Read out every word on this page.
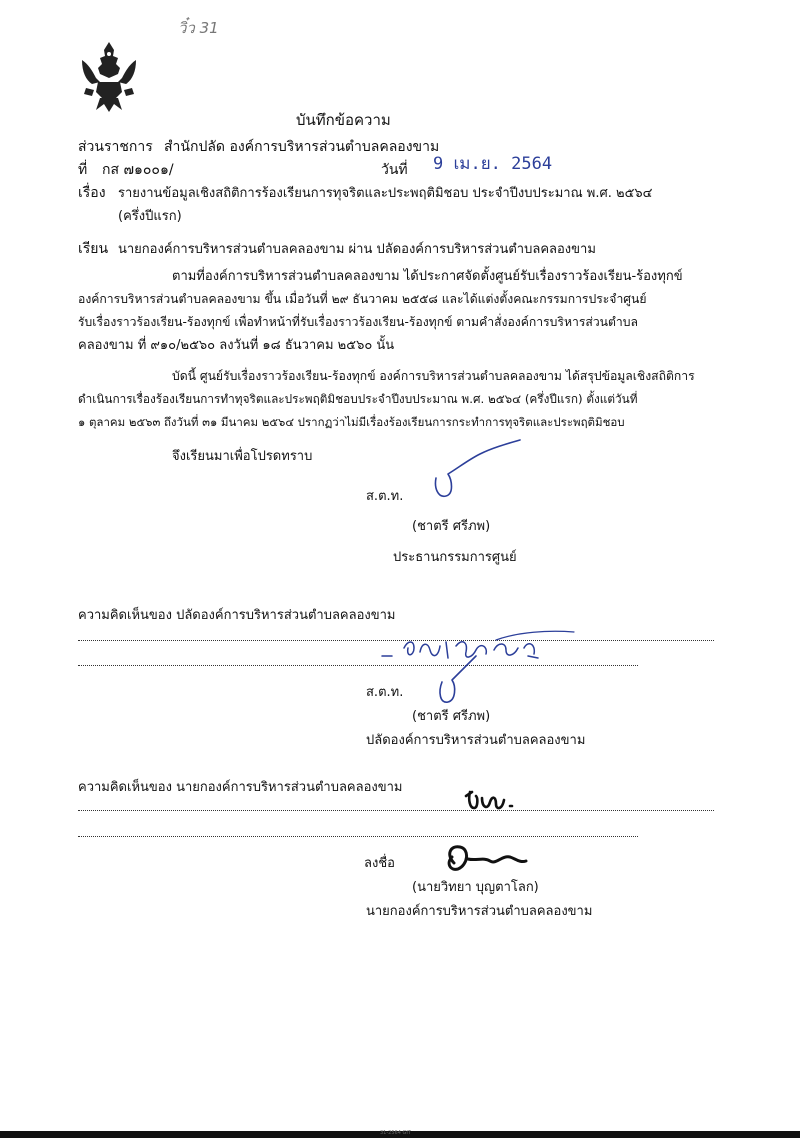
วิ๋ว 31
บันทึกข้อความ
ส่วนราชการ สำนักปลัด องค์การบริหารส่วนตำบลคลองขาม
ที่ กส ๗๑๐๐๑/	วันที่ 9 เม.ย. 2564
เรื่อง รายงานข้อมูลเชิงสถิติการร้องเรียนการทุจริตและประพฤติมิชอบ ประจำปีงบประมาณ พ.ศ. ๒๕๖๔
(ครึ่งปีแรก)
เรียน นายกองค์การบริหารส่วนตำบลคลองขาม ผ่าน ปลัดองค์การบริหารส่วนตำบลคลองขาม
ตามที่องค์การบริหารส่วนตำบลคลองขาม ได้ประกาศจัดตั้งศูนย์รับเรื่องราวร้องเรียน-ร้องทุกข์
องค์การบริหารส่วนตำบลคลองขาม ขึ้น เมื่อวันที่ ๒๙ ธันวาคม ๒๕๕๘ และได้แต่งตั้งคณะกรรมการประจำศูนย์
รับเรื่องราวร้องเรียน-ร้องทุกข์ เพื่อทำหน้าที่รับเรื่องราวร้องเรียน-ร้องทุกข์ ตามคำสั่งองค์การบริหารส่วนตำบล
คลองขาม ที่ ๙๑๐/๒๕๖๐ ลงวันที่ ๑๘ ธันวาคม ๒๕๖๐ นั้น
บัดนี้ ศูนย์รับเรื่องราวร้องเรียน-ร้องทุกข์ องค์การบริหารส่วนตำบลคลองขาม ได้สรุปข้อมูลเชิงสถิติการ
ดำเนินการเรื่องร้องเรียนการทำทุจริตและประพฤติมิชอบประจำปีงบประมาณ พ.ศ. ๒๕๖๔ (ครึ่งปีแรก) ตั้งแต่วันที่
๑ ตุลาคม ๒๕๖๓ ถึงวันที่ ๓๑ มีนาคม ๒๕๖๔ ปรากฏว่าไม่มีเรื่องร้องเรียนการกระทำการทุจริตและประพฤติมิชอบ
จึงเรียนมาเพื่อโปรดทราบ
ส.ต.ท.
(ชาตรี ศรีภพ)
ประธานกรรมการศูนย์
ความคิดเห็นของ ปลัดองค์การบริหารส่วนตำบลคลองขาม
ส.ต.ท.
(ชาตรี ศรีภพ)
ปลัดองค์การบริหารส่วนตำบลคลองขาม
ความคิดเห็นของ นายกองค์การบริหารส่วนตำบลคลองขาม
ลงชื่อ
(นายวิทยา บุญตาโลก)
นายกองค์การบริหารส่วนตำบลคลองขาม
31-2564 GIT
